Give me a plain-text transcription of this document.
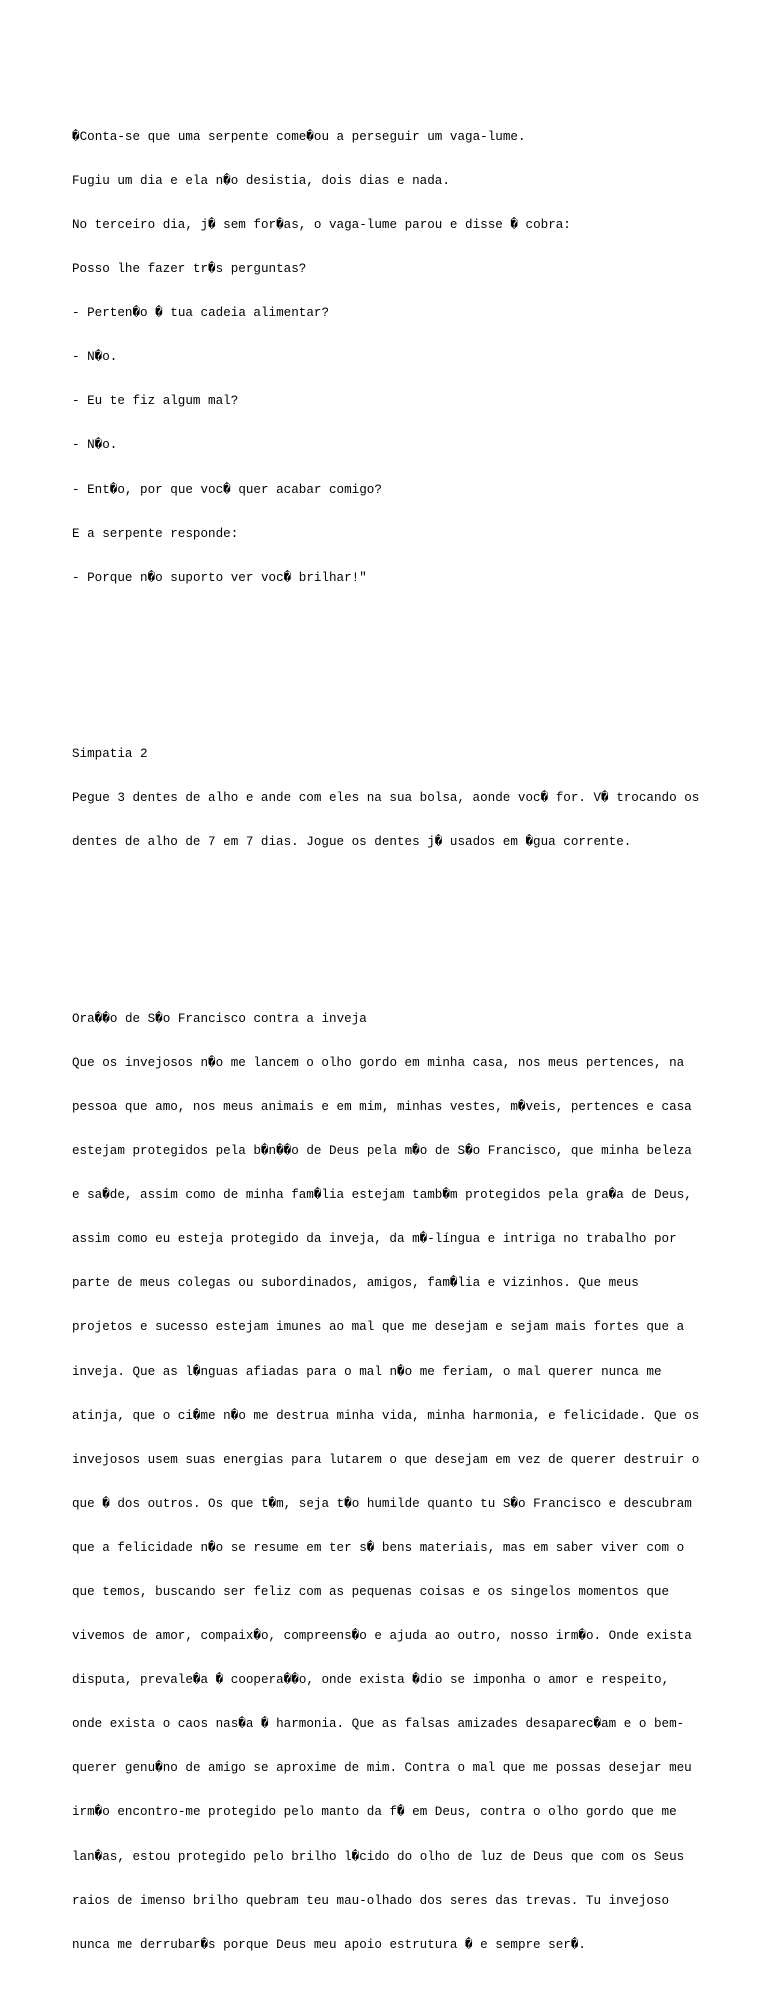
�Conta-se que uma serpente come�ou a perseguir um vaga-lume.

Fugiu um dia e ela n�o desistia, dois dias e nada.

No terceiro dia, j� sem for�as, o vaga-lume parou e disse � cobra:

Posso lhe fazer tr�s perguntas?

- Perten�o � tua cadeia alimentar?

- N�o.

- Eu te fiz algum mal?

- N�o.

- Ent�o, por que voc� quer acabar comigo?

E a serpente responde:

- Porque n�o suporto ver voc� brilhar!"

Simpatia 2

Pegue 3 dentes de alho e ande com eles na sua bolsa, aonde voc� for. V� trocando os

dentes de alho de 7 em 7 dias. Jogue os dentes j� usados em �gua corrente.

Ora��o de S�o Francisco contra a inveja

Que os invejosos n�o me lancem o olho gordo em minha casa, nos meus pertences, na

pessoa que amo, nos meus animais e em mim, minhas vestes, m�veis, pertences e casa

estejam protegidos pela b�n��o de Deus pela m�o de S�o Francisco, que minha beleza

e sa�de, assim como de minha fam�lia estejam tamb�m protegidos pela gra�a de Deus,

assim como eu esteja protegido da inveja, da m�-língua e intriga no trabalho por

parte de meus colegas ou subordinados, amigos, fam�lia e vizinhos. Que meus

projetos e sucesso estejam imunes ao mal que me desejam e sejam mais fortes que a

inveja. Que as l�nguas afiadas para o mal n�o me feriam, o mal querer nunca me

atinja, que o ci�me n�o me destrua minha vida, minha harmonia, e felicidade. Que os

invejosos usem suas energias para lutarem o que desejam em vez de querer destruir o

que � dos outros. Os que t�m, seja t�o humilde quanto tu S�o Francisco e descubram

que a felicidade n�o se resume em ter s� bens materiais, mas em saber viver com o

que temos, buscando ser feliz com as pequenas coisas e os singelos momentos que

vivemos de amor, compaix�o, compreens�o e ajuda ao outro, nosso irm�o. Onde exista

disputa, prevale�a � coopera��o, onde exista �dio se imponha o amor e respeito,

onde exista o caos nas�a � harmonia. Que as falsas amizades desaparec�am e o bem-

querer genu�no de amigo se aproxime de mim. Contra o mal que me possas desejar meu

irm�o encontro-me protegido pelo manto da f� em Deus, contra o olho gordo que me

lan�as, estou protegido pelo brilho l�cido do olho de luz de Deus que com os Seus

raios de imenso brilho quebram teu mau-olhado dos seres das trevas. Tu invejoso

nunca me derrubar�s porque Deus meu apoio estrutura � e sempre ser�.
